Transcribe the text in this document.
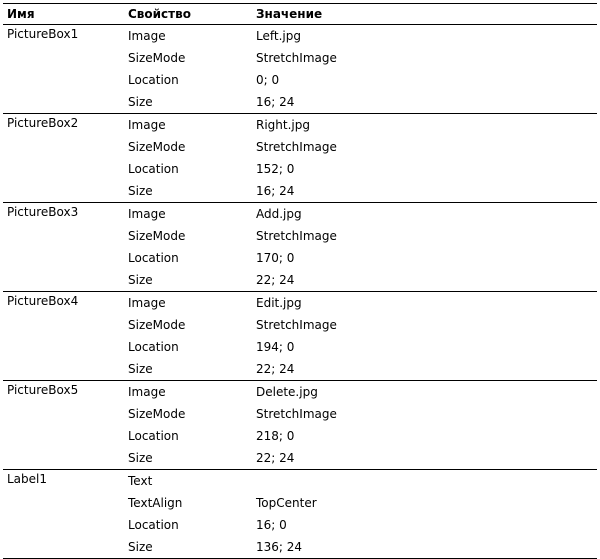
Имя	Свойство	Значение
PictureBox1	Image	Left.jpg
	SizeMode	StretchImage
	Location	0; 0
	Size	16; 24
PictureBox2	Image	Right.jpg
	SizeMode	StretchImage
	Location	152; 0
	Size	16; 24
PictureBox3	Image	Add.jpg
	SizeMode	StretchImage
	Location	170; 0
	Size	22; 24
PictureBox4	Image	Edit.jpg
	SizeMode	StretchImage
	Location	194; 0
	Size	22; 24
PictureBox5	Image	Delete.jpg
	SizeMode	StretchImage
	Location	218; 0
	Size	22; 24
Label1	Text	
	TextAlign	TopCenter
	Location	16; 0
	Size	136; 24
